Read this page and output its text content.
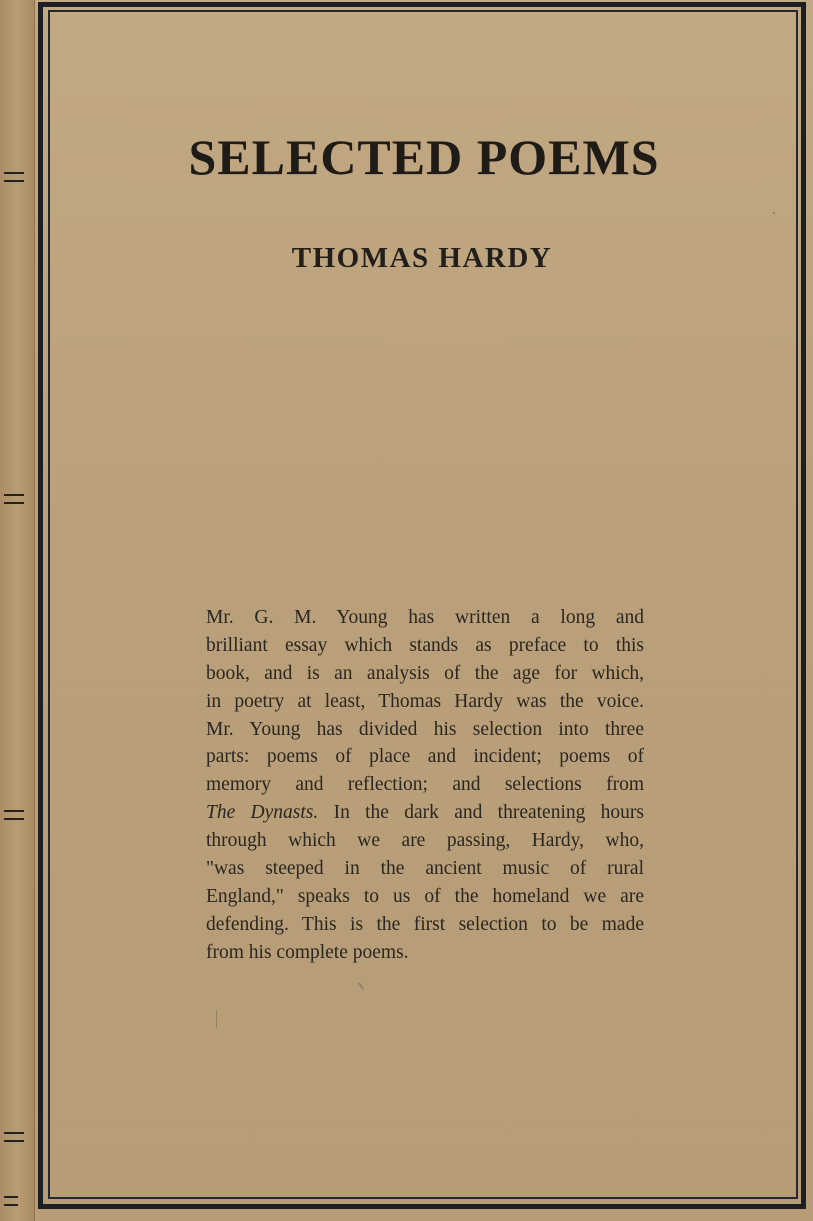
SELECTED POEMS
THOMAS HARDY
Mr. G. M. Young has written a long and
brilliant essay which stands as preface to this
book, and is an analysis of the age for which,
in poetry at least, Thomas Hardy was the voice.
Mr. Young has divided his selection into three
parts: poems of place and incident; poems of
memory and reflection; and selections from
The Dynasts. In the dark and threatening hours
through which we are passing, Hardy, who,
"was steeped in the ancient music of rural
England," speaks to us of the homeland we are
defending. This is the first selection to be made
from his complete poems.
